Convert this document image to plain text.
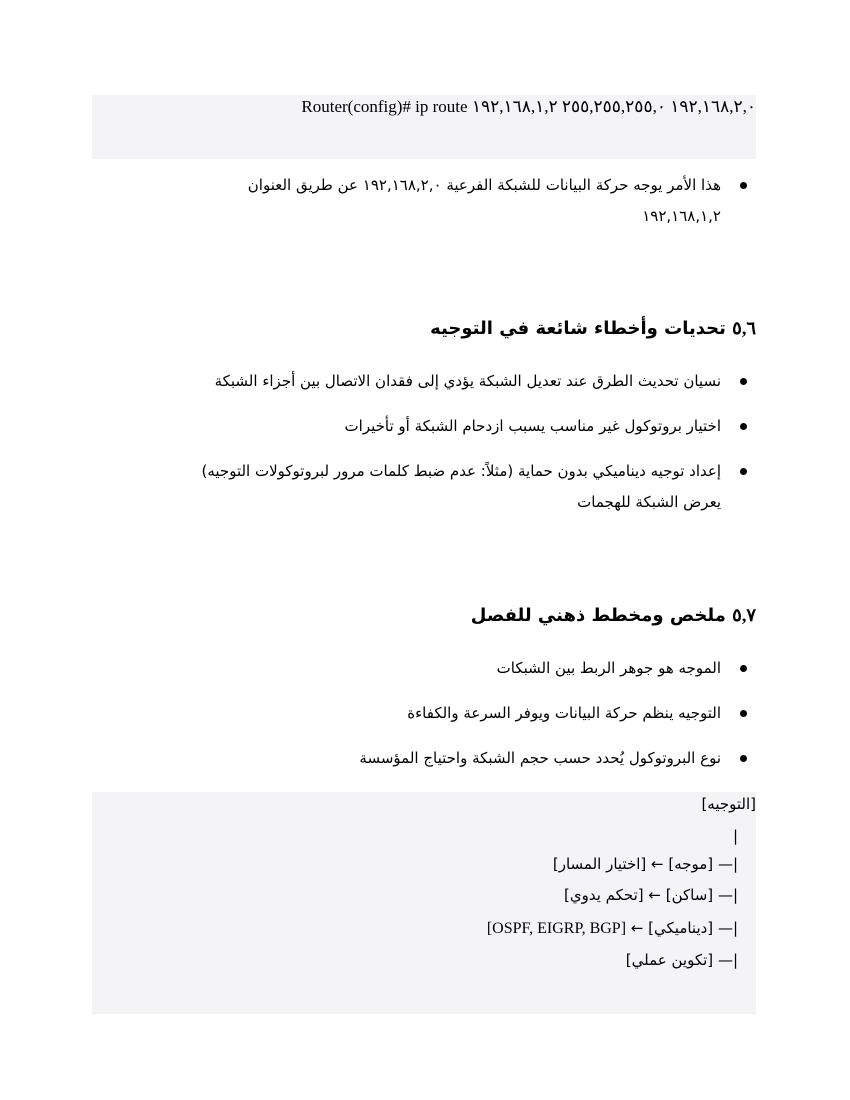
Router(config)# ip route ١٩٢,١٦٨,٢,٠ ٢٥٥,٢٥٥,٢٥٥,٠ ١٩٢,١٦٨,١,٢

هذا الأمر يوجه حركة البيانات للشبكة الفرعية ١٩٢,١٦٨,٢,٠ عن طريق العنوان
١٩٢,١٦٨,١,٢

٥,٦ تحديات وأخطاء شائعة في التوجيه

نسيان تحديث الطرق عند تعديل الشبكة يؤدي إلى فقدان الاتصال بين أجزاء الشبكة

اختيار بروتوكول غير مناسب يسبب ازدحام الشبكة أو تأخيرات

إعداد توجيه ديناميكي بدون حماية (مثلاً: عدم ضبط كلمات مرور لبروتوكولات التوجيه)
يعرض الشبكة للهجمات

٥,٧ ملخص ومخطط ذهني للفصل

الموجه هو جوهر الربط بين الشبكات

التوجيه ينظم حركة البيانات ويوفر السرعة والكفاءة

نوع البروتوكول يُحدد حسب حجم الشبكة واحتياج المؤسسة

[التوجيه]
|
|— [موجه] ← [اختيار المسار]
|— [ساكن] ← [تحكم يدوي]
|— [ديناميكي] ← [OSPF, EIGRP, BGP]
|— [تكوين عملي]
